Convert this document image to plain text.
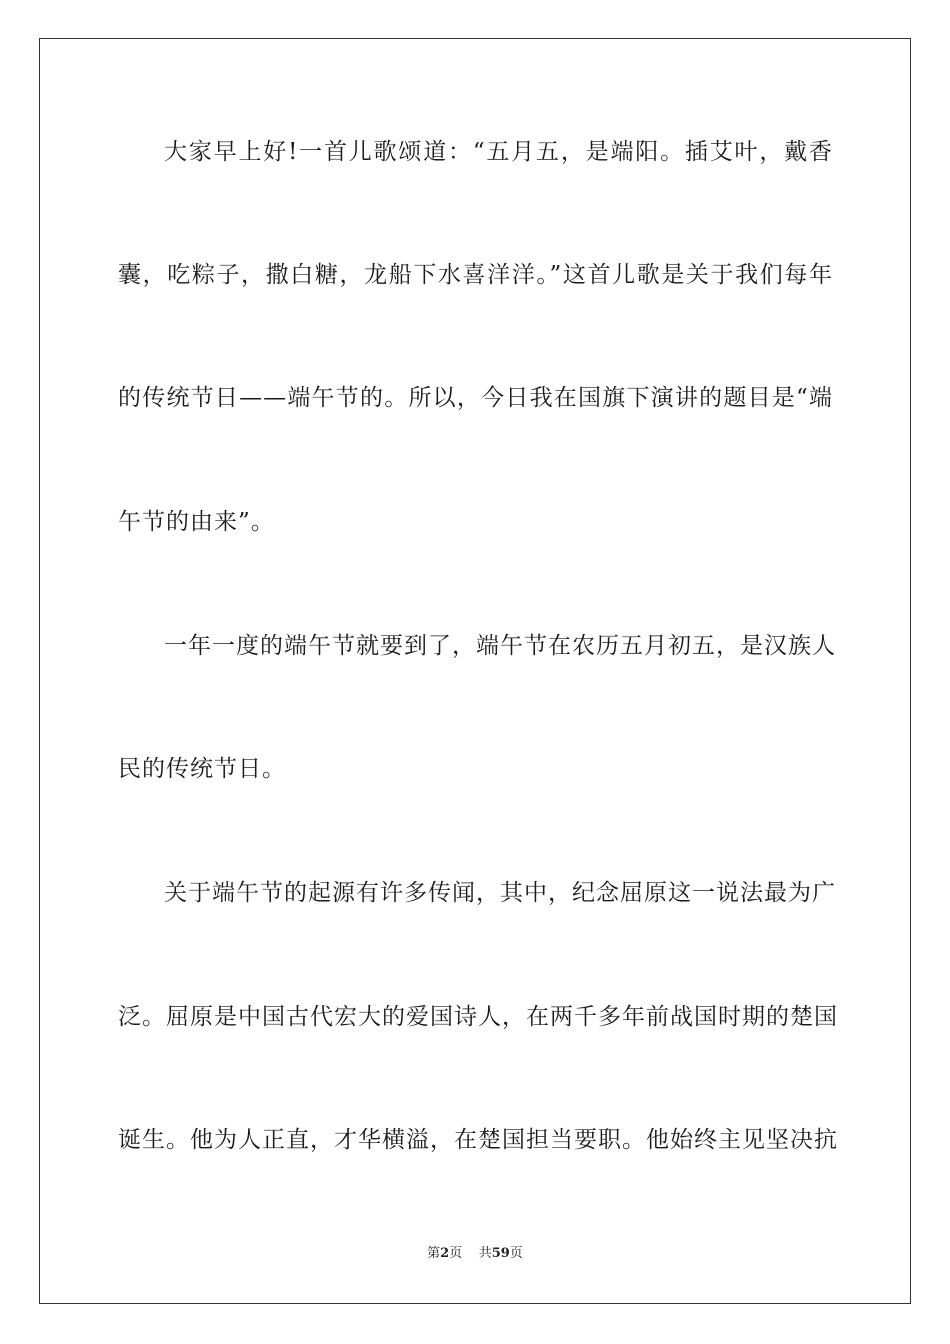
大家早上好!一首儿歌颂道：“五月五，是端阳。插艾叶，戴香
囊，吃粽子，撒白糖，龙船下水喜洋洋。”这首儿歌是关于我们每年
的传统节日——端午节的。所以，今日我在国旗下演讲的题目是“端
午节的由来”。
一年一度的端午节就要到了，端午节在农历五月初五，是汉族人
民的传统节日。
关于端午节的起源有许多传闻，其中，纪念屈原这一说法最为广
泛。屈原是中国古代宏大的爱国诗人，在两千多年前战国时期的楚国
诞生。他为人正直，才华横溢，在楚国担当要职。他始终主见坚决抗
第2页 共59页
